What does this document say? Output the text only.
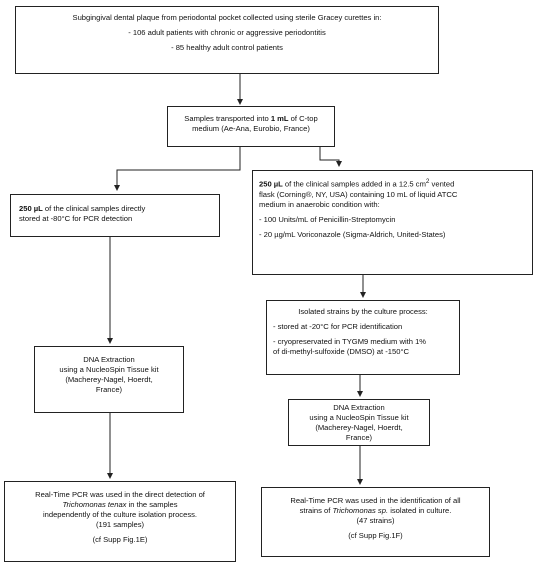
Subgingival dental plaque from periodontal pocket collected using sterile Gracey curettes in:

- 106 adult patients with chronic or aggressive periodontitis

- 85 healthy adult control patients

Samples transported into 1 mL of C-top

medium (Ae-Ana, Eurobio, France)

250 µL of the clinical samples directly

stored at -80°C for PCR detection

250 µL of the clinical samples added in a 12.5 $cm^2$ vented

flask (Corning®, NY, USA) containing 10 mL of liquid ATCC

medium in anaerobic condition with:

- 100 Units/mL of Penicillin-Streptomycin

- 20 µg/mL Voriconazole (Sigma-Aldrich, United-States)

Isolated strains by the culture process:

- stored at -20°C for PCR identification

- cryopreservated in TYGM9 medium with 1%

of di-methyl-sulfoxide (DMSO) at -150°C

DNA Extraction

using a NucleoSpin Tissue kit

(Macherey-Nagel, Hoerdt,

France)

DNA Extraction

using a NucleoSpin Tissue kit

(Macherey-Nagel, Hoerdt,

France)

Real-Time PCR was used in the direct detection of

Trichomonas tenax in the samples

independently of the culture isolation process.

(191 samples)

(cf Supp Fig.1E)

Real-Time PCR was used in the identification of all

strains of Trichomonas sp. isolated in culture.

(47 strains)

(cf Supp Fig.1F)
